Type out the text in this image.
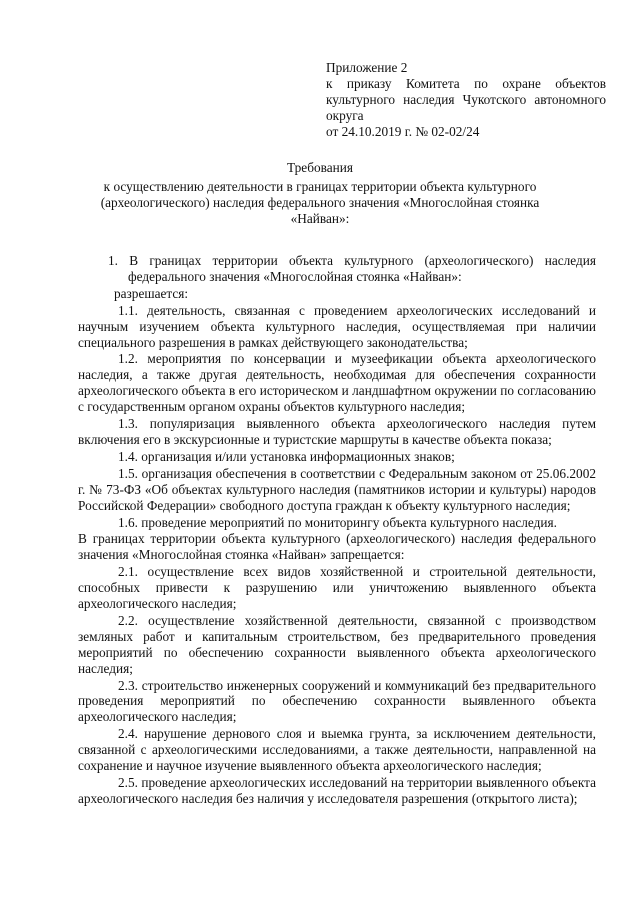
Приложение 2
к приказу Комитета по охране объектов
культурного наследия Чукотского автономного
округа
от 24.10.2019 г. № 02-02/24
Требования
к осуществлению деятельности в границах территории объекта культурного
(археологического) наследия федерального значения «Многослойная стоянка
«Найван»:

1. В границах территории объекта культурного (археологического) наследия федерального значения «Многослойная стоянка «Найван»:

разрешается:

1.1. деятельность, связанная с проведением археологических исследований и научным изучением объекта культурного наследия, осуществляемая при наличии специального разрешения в рамках действующего законодательства;

1.2. мероприятия по консервации и музеефикации объекта археологического наследия, а также другая деятельность, необходимая для обеспечения сохранности археологического объекта в его историческом и ландшафтном окружении по согласованию с государственным органом охраны объектов культурного наследия;

1.3. популяризация выявленного объекта археологического наследия путем включения его в экскурсионные и туристские маршруты в качестве объекта показа;

1.4. организация и/или установка информационных знаков;

1.5. организация обеспечения в соответствии с Федеральным законом от 25.06.2002 г. № 73-ФЗ «Об объектах культурного наследия (памятников истории и культуры) народов Российской Федерации» свободного доступа граждан к объекту культурного наследия;

1.6. проведение мероприятий по мониторингу объекта культурного наследия.

В границах территории объекта культурного (археологического) наследия федерального значения «Многослойная стоянка «Найван» запрещается:

2.1. осуществление всех видов хозяйственной и строительной деятельности, способных привести к разрушению или уничтожению выявленного объекта археологического наследия;

2.2. осуществление хозяйственной деятельности, связанной с производством земляных работ и капитальным строительством, без предварительного проведения мероприятий по обеспечению сохранности выявленного объекта археологического наследия;

2.3. строительство инженерных сооружений и коммуникаций без предварительного проведения мероприятий по обеспечению сохранности выявленного объекта археологического наследия;

2.4. нарушение дернового слоя и выемка грунта, за исключением деятельности, связанной с археологическими исследованиями, а также деятельности, направленной на сохранение и научное изучение выявленного объекта археологического наследия;

2.5. проведение археологических исследований на территории выявленного объекта археологического наследия без наличия у исследователя разрешения (открытого листа);
